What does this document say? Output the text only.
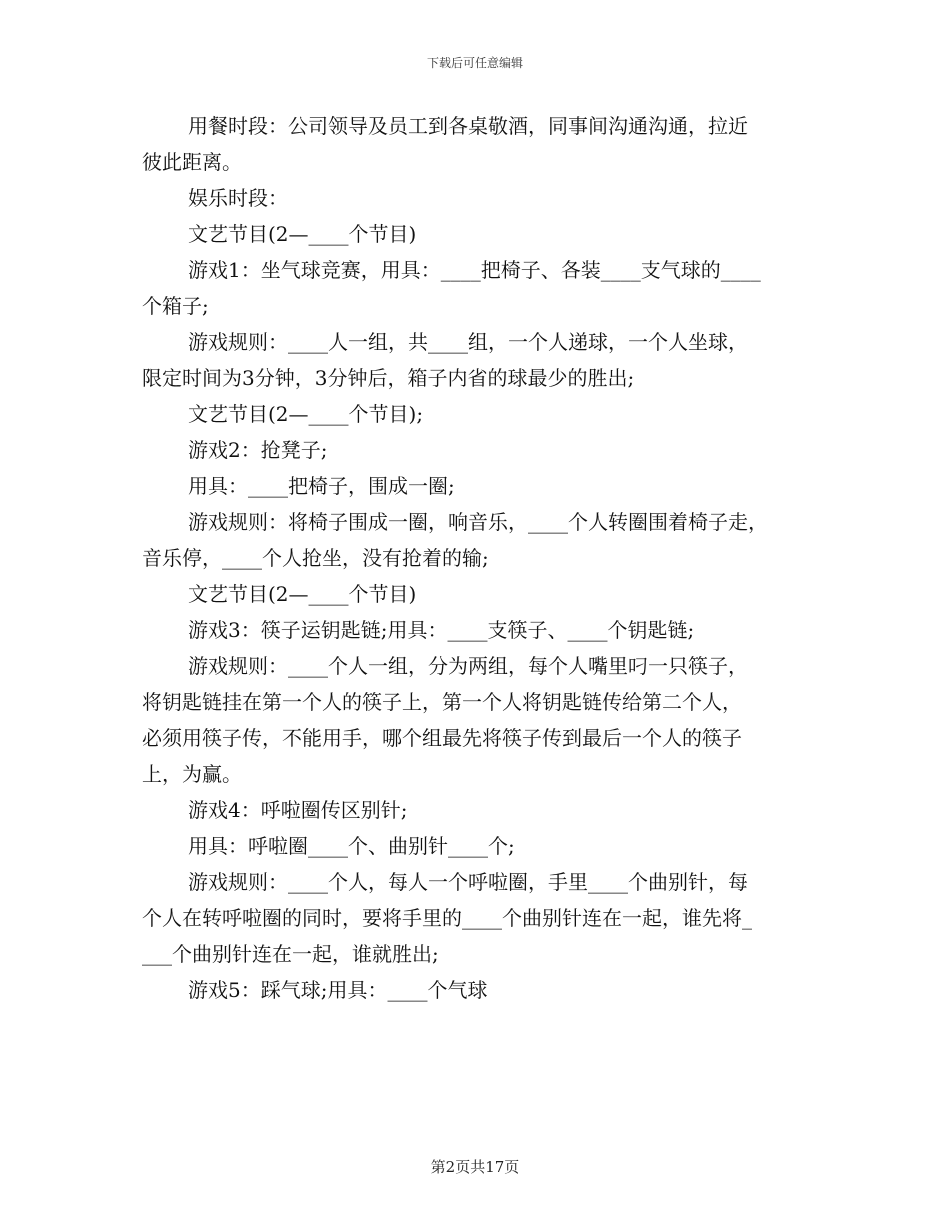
下载后可任意编辑
用餐时段：公司领导及员工到各桌敬酒，同事间沟通沟通，拉近
彼此距离。
娱乐时段：
文艺节目(2—____个节目)
游戏1：坐气球竞赛，用具：____把椅子、各装____支气球的____
个箱子;
游戏规则：____人一组，共____组，一个人递球，一个人坐球，
限定时间为3分钟，3分钟后，箱子内省的球最少的胜出;
文艺节目(2—____个节目);
游戏2：抢凳子;
用具：____把椅子，围成一圈;
游戏规则：将椅子围成一圈，响音乐，____个人转圈围着椅子走，
音乐停，____个人抢坐，没有抢着的输;
文艺节目(2—____个节目)
游戏3：筷子运钥匙链;用具：____支筷子、____个钥匙链;
游戏规则：____个人一组，分为两组，每个人嘴里叼一只筷子，
将钥匙链挂在第一个人的筷子上，第一个人将钥匙链传给第二个人，
必须用筷子传，不能用手，哪个组最先将筷子传到最后一个人的筷子
上，为赢。
游戏4：呼啦圈传区别针;
用具：呼啦圈____个、曲别针____个;
游戏规则：____个人，每人一个呼啦圈，手里____个曲别针，每
个人在转呼啦圈的同时，要将手里的____个曲别针连在一起，谁先将_
___个曲别针连在一起，谁就胜出;
游戏5：踩气球;用具：____个气球
第2页共17页
